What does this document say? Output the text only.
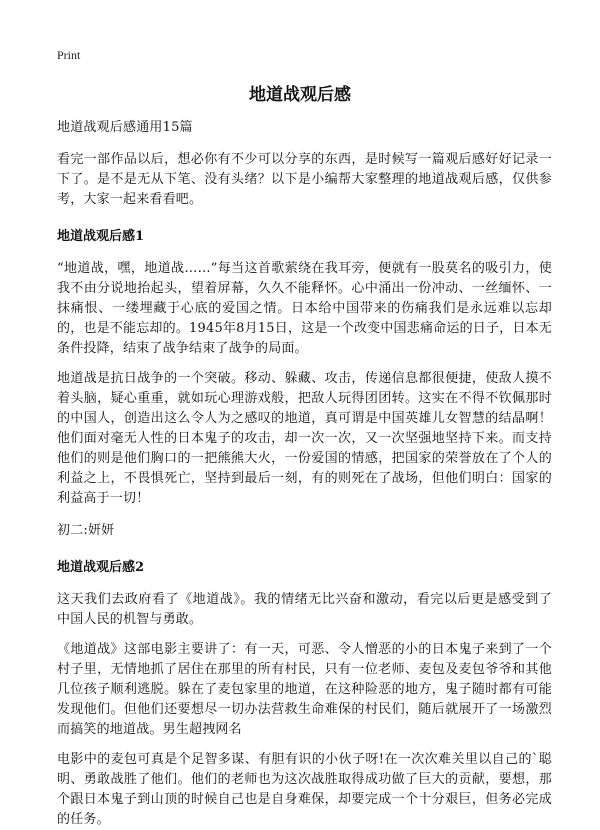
Print
地道战观后感

地道战观后感通用15篇

看完一部作品以后，想必你有不少可以分享的东西，是时候写一篇观后感好好记录一下了。是不是无从下笔、没有头绪？以下是小编帮大家整理的地道战观后感，仅供参考，大家一起来看看吧。

地道战观后感1

“地道战，嘿，地道战……”每当这首歌萦绕在我耳旁，便就有一股莫名的吸引力，使我不由分说地抬起头，望着屏幕，久久不能释怀。心中涌出一份冲动、一丝缅怀、一抹痛恨、一缕埋藏于心底的爱国之情。日本给中国带来的伤痛我们是永远难以忘却的，也是不能忘却的。1945年8月15日，这是一个改变中国悲痛命运的日子，日本无条件投降，结束了战争结束了战争的局面。

地道战是抗日战争的一个突破。移动、躲藏、攻击，传递信息都很便捷，使敌人摸不着头脑，疑心重重，就如玩心理游戏般，把敌人玩得团团转。这实在不得不钦佩那时的中国人，创造出这么令人为之感叹的地道，真可谓是中国英雄儿女智慧的结晶啊！他们面对毫无人性的日本鬼子的攻击，却一次一次，又一次坚强地坚持下来。而支持他们的则是他们胸口的一把熊熊大火，一份爱国的情感，把国家的荣誉放在了个人的利益之上，不畏惧死亡，坚持到最后一刻，有的则死在了战场，但他们明白：国家的利益高于一切！

初二:妍妍

地道战观后感2

这天我们去政府看了《地道战》。我的情绪无比兴奋和激动，看完以后更是感受到了中国人民的机智与勇敢。

《地道战》这部电影主要讲了：有一天，可恶、令人憎恶的小的日本鬼子来到了一个村子里，无情地抓了居住在那里的所有村民，只有一位老师、麦包及麦包爷爷和其他几位孩子顺利逃脱。躲在了麦包家里的地道，在这种险恶的地方，鬼子随时都有可能发现他们。但他们还要想尽一切办法营救生命难保的村民们，随后就展开了一场激烈而搞笑的地道战。男生超拽网名

电影中的麦包可真是个足智多谋、有胆有识的小伙子呀!在一次次难关里以自己的`聪明、勇敢战胜了他们。他们的老师也为这次战胜取得成功做了巨大的贡献，要想，那个跟日本鬼子到山顶的时候自己也是自身难保，却要完成一个十分艰巨，但务必完成的任务。
